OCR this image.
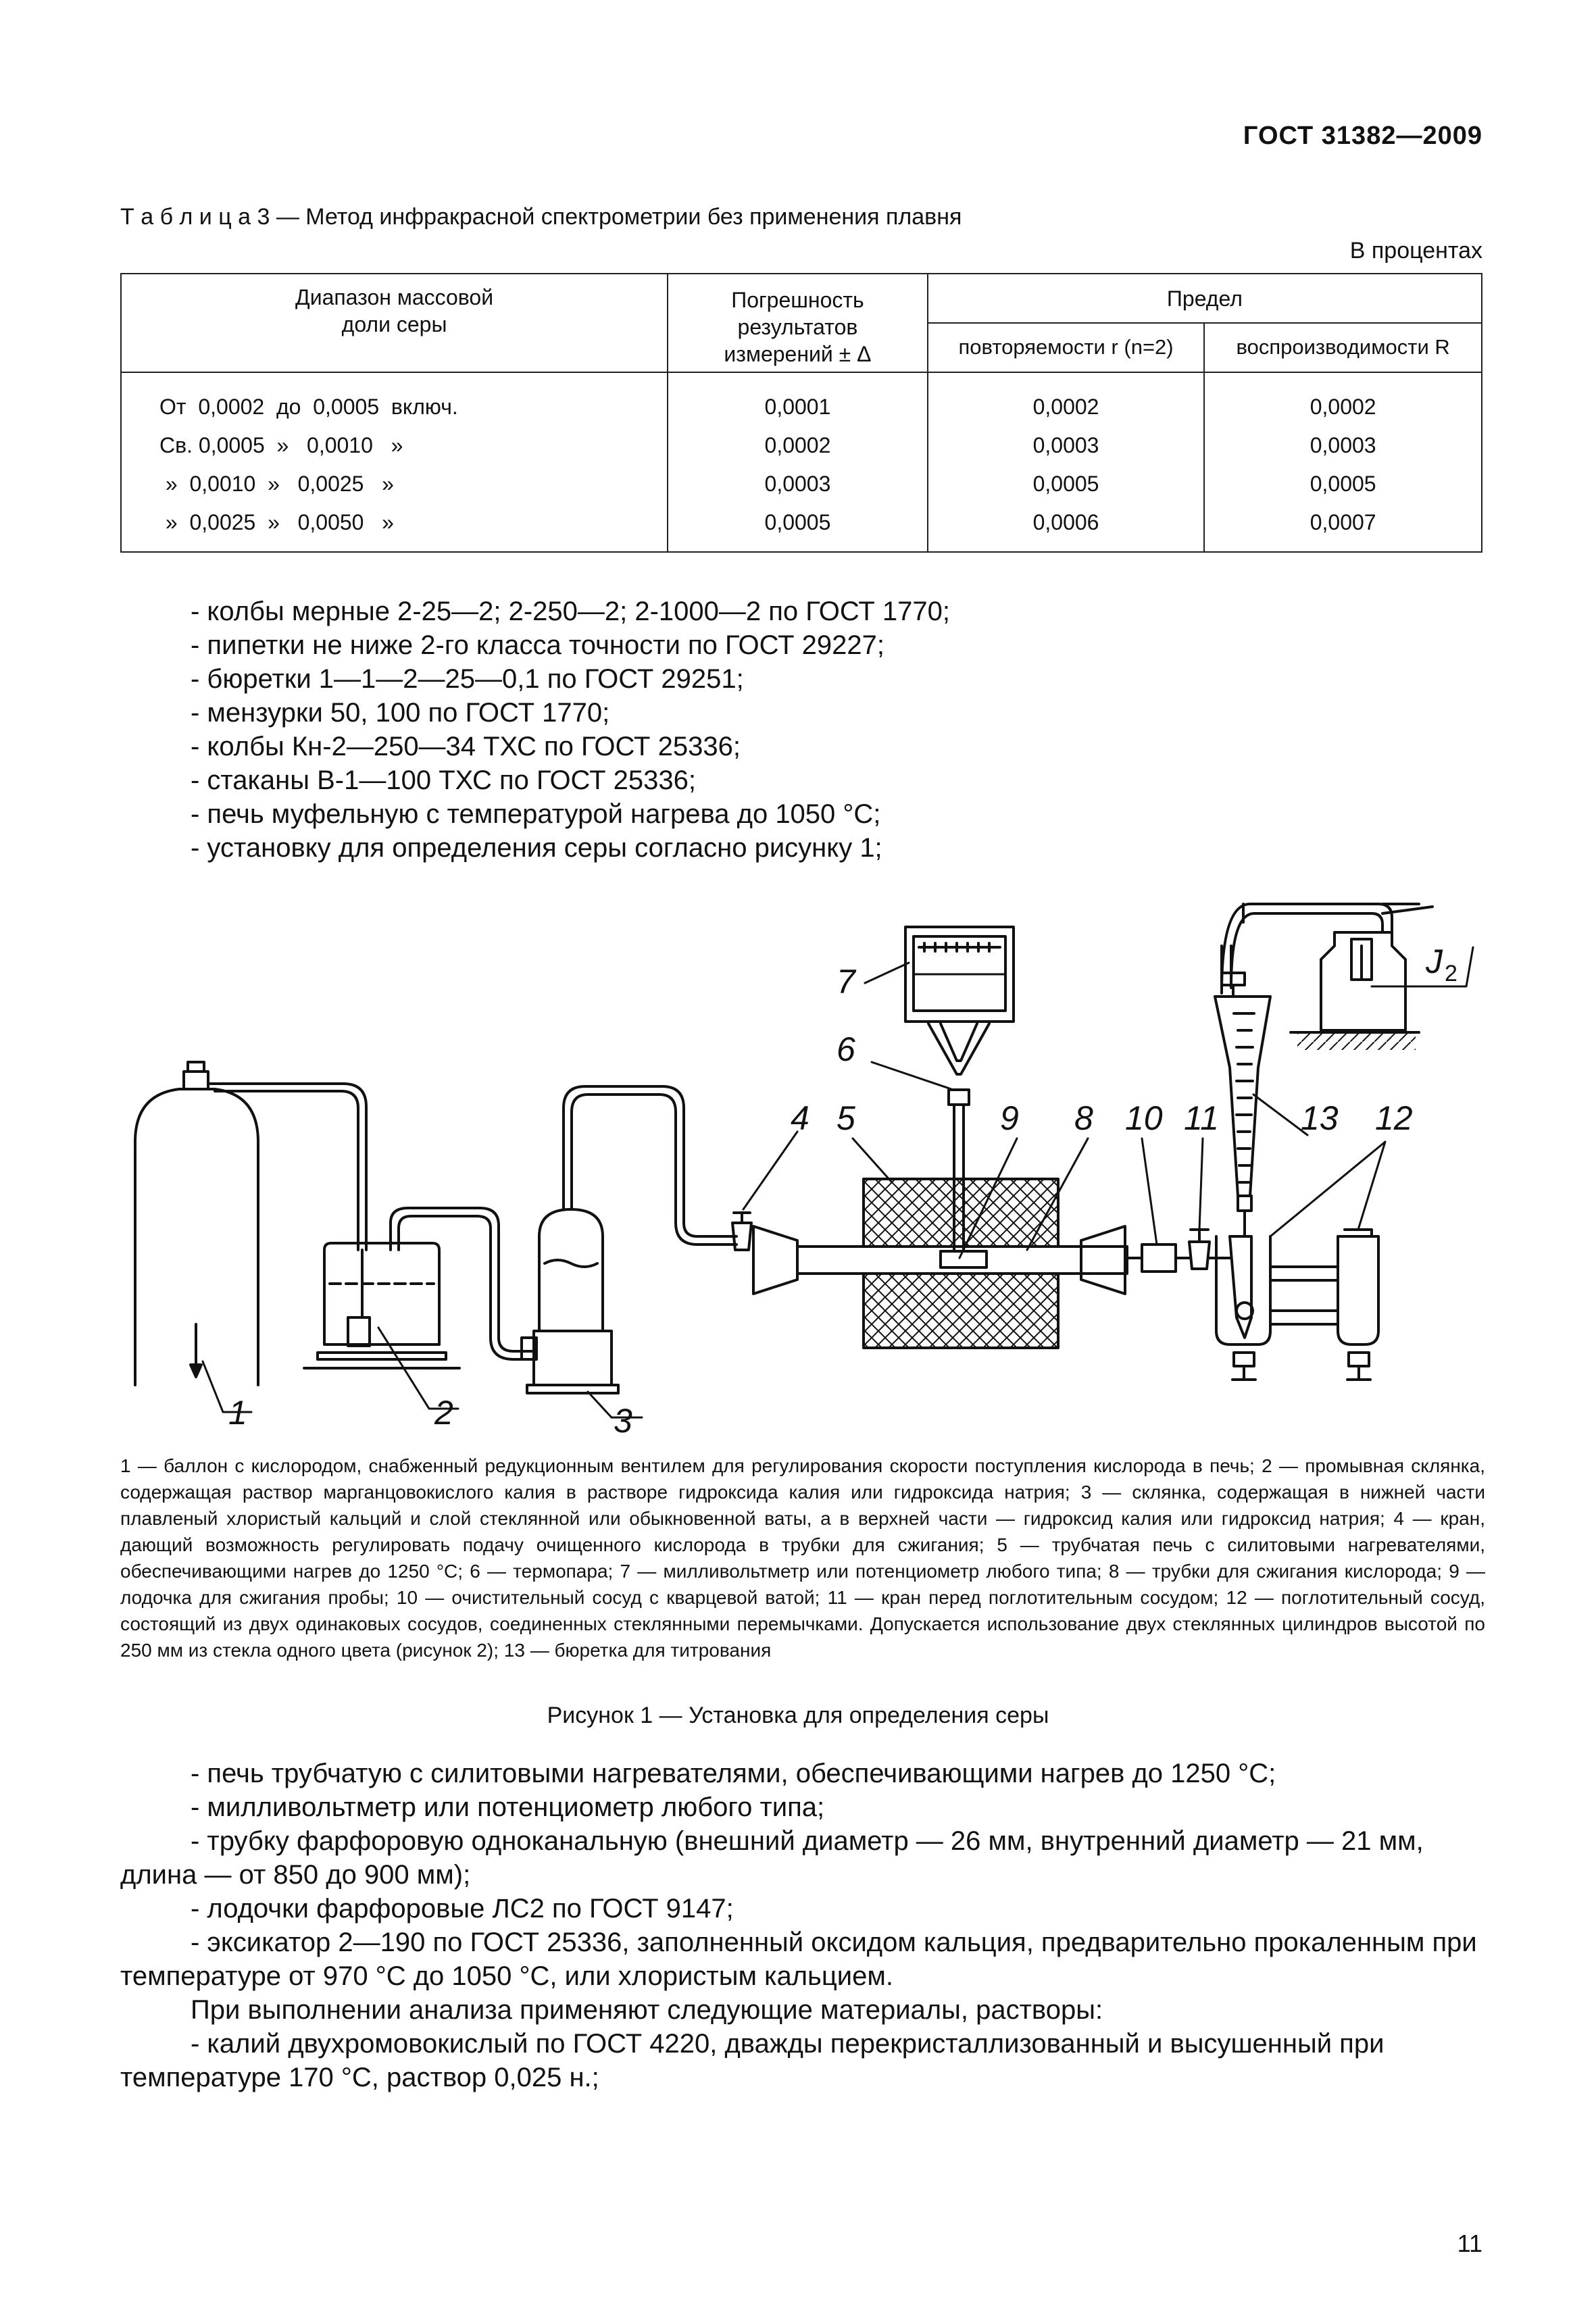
ГОСТ 31382—2009
Т а б л и ц а 3 — Метод инфракрасной спектрометрии без применения плавня
В процентах
Диапазон массовой доли серы	Погрешность результатов измерений ± Δ	Предел	
		повторяемости r (n=2)	воспроизводимости R

От  0,0002  до  0,0005  включ.	0,0001	0,0002	0,0002
Св. 0,0005  »   0,0010   »	0,0002	0,0003	0,0003
»  0,0010  »   0,0025   »	0,0003	0,0005	0,0005
»  0,0025  »   0,0050   »	0,0005	0,0006	0,0007

- колбы мерные 2-25—2; 2-250—2; 2-1000—2 по ГОСТ 1770;

- пипетки не ниже 2-го класса точности по ГОСТ 29227;

- бюретки 1—1—2—25—0,1 по ГОСТ 29251;

- мензурки 50, 100 по ГОСТ 1770;

- колбы Кн-2—250—34 ТХС по ГОСТ 25336;

- стаканы В-1—100 ТХС по ГОСТ 25336;

- печь муфельную с температурой нагрева до 1050 °С;

- установку для определения серы согласно рисунку 1;

7
6
4 5	9 8 10 11 13 12
J 2
1	2	3
1 — баллон с кислородом, снабженный редукционным вентилем для регулирования скорости поступления кислорода в печь; 2 — промывная склянка, содержащая раствор марганцовокислого калия в растворе гидроксида калия или гидроксида натрия; 3 — склянка, содержащая в нижней части плавленый хлористый кальций и слой стеклянной или обыкновенной ваты, а в верхней части — гидроксид калия или гидроксид натрия; 4 — кран, дающий возможность регулировать подачу очищенного кислорода в трубки для сжигания; 5 — трубчатая печь с силитовыми нагревателями, обеспечивающими нагрев до 1250 °С; 6 — термопара; 7 — милливольтметр или потенциометр любого типа; 8 — трубки для сжигания кислорода; 9 — лодочка для сжигания пробы; 10 — очистительный сосуд с кварцевой ватой; 11 — кран перед поглотительным сосудом; 12 — поглотительный сосуд, состоящий из двух одинаковых сосудов, соединенных стеклянными перемычками. Допускается использование двух стеклянных цилиндров высотой по 250 мм из стекла одного цвета (рисунок 2); 13 — бюретка для титрования
Рисунок 1 — Установка для определения серы

- печь трубчатую с силитовыми нагревателями, обеспечивающими нагрев до 1250 °С;

- милливольтметр или потенциометр любого типа;

- трубку фарфоровую одноканальную (внешний диаметр — 26 мм, внутренний диаметр — 21 мм, длина — от 850 до 900 мм);

- лодочки фарфоровые ЛС2 по ГОСТ 9147;

- эксикатор 2—190 по ГОСТ 25336, заполненный оксидом кальция, предварительно прокаленным при температуре от 970 °С до 1050 °С, или хлористым кальцием.

При выполнении анализа применяют следующие материалы, растворы:

- калий двухромовокислый по ГОСТ 4220, дважды перекристаллизованный и высушенный при температуре 170 °С, раствор 0,025 н.;

11
